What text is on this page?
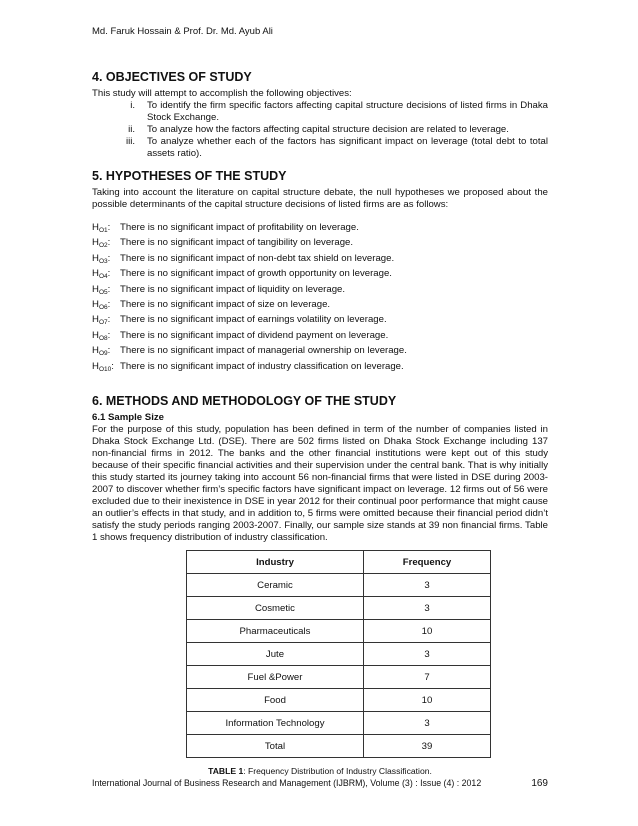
Md. Faruk Hossain & Prof. Dr. Md. Ayub Ali
4. OBJECTIVES OF STUDY

This study will attempt to accomplish the following objectives:

i.	To identify the firm specific factors affecting capital structure decisions of listed firms in Dhaka Stock Exchange.
ii.	To analyze how the factors affecting capital structure decision are related to leverage.
iii.	To analyze whether each of the factors has significant impact on leverage (total debt to total assets ratio).
5. HYPOTHESES OF THE STUDY

Taking into account the literature on capital structure debate, the null hypotheses we proposed about the possible determinants of the capital structure decisions of listed firms are as follows:

$H_{O1}$:	There is no significant impact of profitability on leverage.
$H_{O2}$:	There is no significant impact of tangibility on leverage.
$H_{O3}$:	There is no significant impact of non-debt tax shield on leverage.
$H_{O4}$:	There is no significant impact of growth opportunity on leverage.
$H_{O5}$:	There is no significant impact of liquidity on leverage.
$H_{O6}$:	There is no significant impact of size on leverage.
$H_{O7}$:	There is no significant impact of earnings volatility on leverage.
$H_{O8}$:	There is no significant impact of dividend payment on leverage.
$H_{O9}$:	There is no significant impact of managerial ownership on leverage.
$H_{O10}$: There is no significant impact of industry classification on leverage.
6. METHODS AND METHODOLOGY OF THE STUDY
6.1 Sample Size

For the purpose of this study, population has been defined in term of the number of companies listed in Dhaka Stock Exchange Ltd. (DSE). There are 502 firms listed on Dhaka Stock Exchange including 137 non-financial firms in 2012. The banks and the other financial institutions were kept out of this study because of their specific financial activities and their supervision under the central bank. That is why initially this study started its journey taking into account 56 non-financial firms that were listed in DSE during 2003-2007 to discover whether firm’s specific factors have significant impact on leverage. 12 firms out of 56 were excluded due to their inexistence in DSE in year 2012 for their continual poor performance that might cause an outlier’s effects in that study, and in addition to, 5 firms were omitted because their financial period didn’t satisfy the study periods ranging 2003-2007. Finally, our sample size stands at 39 non financial firms. Table 1 shows frequency distribution of industry classification.

Industry	Frequency
Ceramic	3
Cosmetic	3
Pharmaceuticals	10
Jute	3
Fuel &Power	7
Food	10
Information Technology	3
Total	39
TABLE 1: Frequency Distribution of Industry Classification.
International Journal of Business Research and Management (IJBRM), Volume (3) : Issue (4) : 2012	169
